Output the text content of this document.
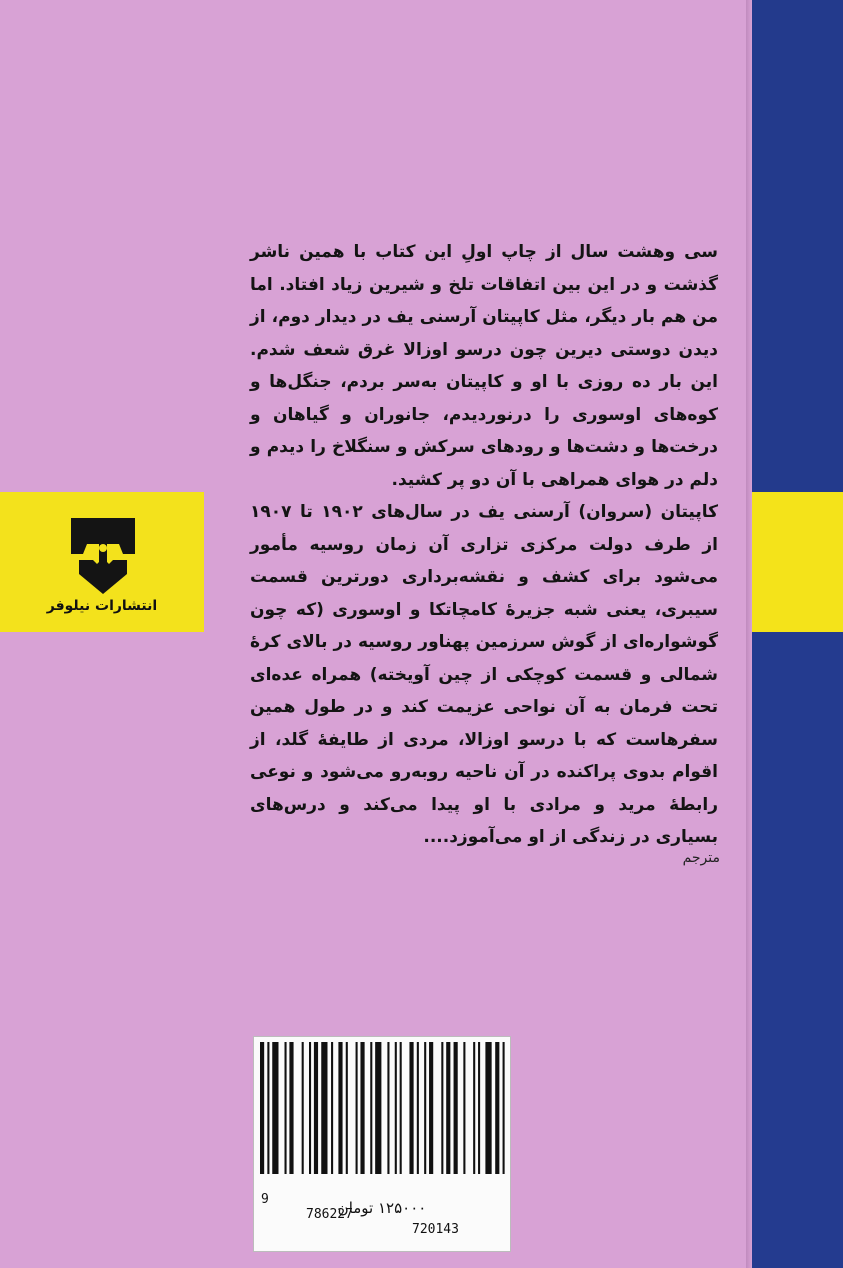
انتشارات نیلوفر

سی وهشت سال از چاپ اولِ این کتاب با همین ناشر گذشت و در این بین اتفاقات تلخ و شیرین زیاد افتاد. اما من هم بار دیگر، مثل کاپیتان آرسنی یف در دیدار دوم، از دیدن دوستی دیرین چون درسو اوزالا غرق شعف شدم. این بار ده روزی با او و کاپیتان به‌سر بردم، جنگل‌ها و کوه‌های اوسوری را درنوردیدم، جانوران و گیاهان و درخت‌ها و دشت‌ها و رودهای سرکش و سنگلاخ را دیدم و دلم در هوای همراهی با آن دو پر کشید.

کاپیتان (سروان) آرسنی یف در سال‌های ۱۹۰۲ تا ۱۹۰۷ از طرف دولت مرکزی تزاری آن زمان روسیه مأمور می‌شود برای کشف و نقشه‌برداری دورترین قسمت سیبری، یعنی شبه جزیرهٔ کامچاتکا و اوسوری (که چون گوشواره‌ای از گوش سرزمین پهناور روسیه در بالای کرهٔ شمالی و قسمت کوچکی از چین آویخته) همراه عده‌ای تحت فرمان به آن نواحی عزیمت کند و در طول همین سفرهاست که با درسو اوزالا، مردی از طایفهٔ گلد، از اقوام بدوی پراکنده در آن ناحیه روبه‌رو می‌شود و نوعی رابطهٔ مرید و مرادی با او پیدا می‌کند و درس‌های بسیاری در زندگی از او می‌آموزد....

مترجم

9

786227

720143

۱۲۵۰۰۰ تومان
